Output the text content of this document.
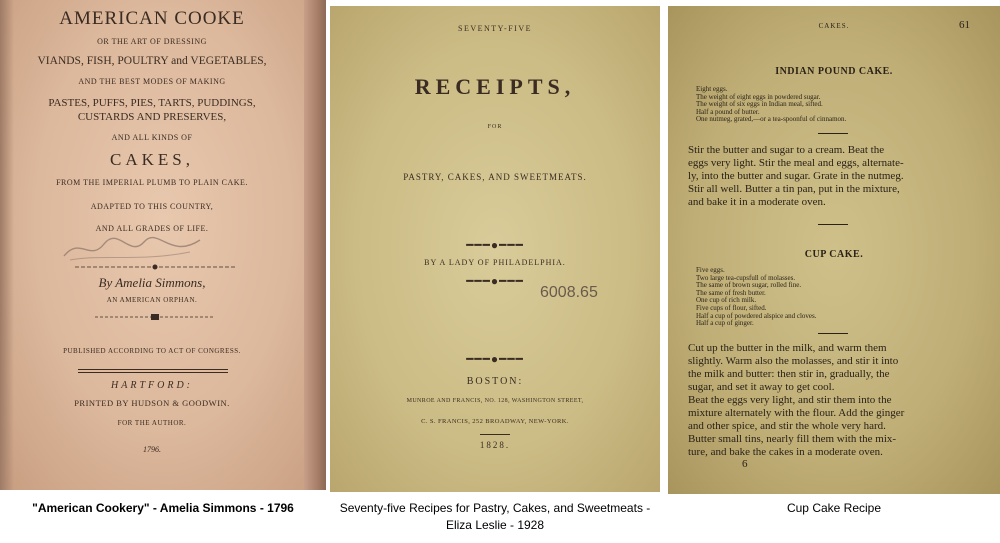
AMERICAN COOKE
OR THE ART OF DRESSING
VIANDS, FISH, POULTRY and VEGETABLES,
AND THE BEST MODES OF MAKING
PASTES, PUFFS, PIES, TARTS, PUDDINGS,
CUSTARDS AND PRESERVES,
AND ALL KINDS OF
CAKES,
FROM THE IMPERIAL PLUMB TO PLAIN CAKE.
ADAPTED TO THIS COUNTRY,
AND ALL GRADES OF LIFE.
By Amelia Simmons,
AN AMERICAN ORPHAN.
PUBLISHED ACCORDING TO ACT OF CONGRESS.
HARTFORD:
PRINTED BY HUDSON & GOODWIN.
FOR THE AUTHOR.
1796.
SEVENTY-FIVE
RECEIPTS,
FOR
PASTRY, CAKES, AND SWEETMEATS.
━━━●━━━
BY A LADY OF PHILADELPHIA.
━━━●━━━
6008.65
━━━●━━━
BOSTON:
MUNROE AND FRANCIS, NO. 128, WASHINGTON STREET,
C. S. FRANCIS, 252 BROADWAY, NEW-YORK.
1828.
CAKES.	61
INDIAN POUND CAKE.
Eight eggs.
The weight of eight eggs in powdered sugar.
The weight of six eggs in Indian meal, sifted.
Half a pound of butter.
One nutmeg, grated,—or a tea-spoonful of cinnamon.
Stir the butter and sugar to a cream. Beat the
eggs very light. Stir the meal and eggs, alternate-
ly, into the butter and sugar. Grate in the nutmeg.
Stir all well. Butter a tin pan, put in the mixture,
and bake it in a moderate oven.
CUP CAKE.
Five eggs.
Two large tea-cupsfull of molasses.
The same of brown sugar, rolled fine.
The same of fresh butter.
One cup of rich milk.
Five cups of flour, sifted.
Half a cup of powdered alspice and cloves.
Half a cup of ginger.
Cut up the butter in the milk, and warm them
slightly. Warm also the molasses, and stir it into
the milk and butter: then stir in, gradually, the
sugar, and set it away to get cool.
Beat the eggs very light, and stir them into the
mixture alternately with the flour. Add the ginger
and other spice, and stir the whole very hard.
Butter small tins, nearly fill them with the mix-
ture, and bake the cakes in a moderate oven.
6
"American Cookery" - Amelia Simmons - 1796	Seventy-five Recipes for Pastry, Cakes, and Sweetmeats -
Eliza Leslie - 1928
Cup Cake Recipe
